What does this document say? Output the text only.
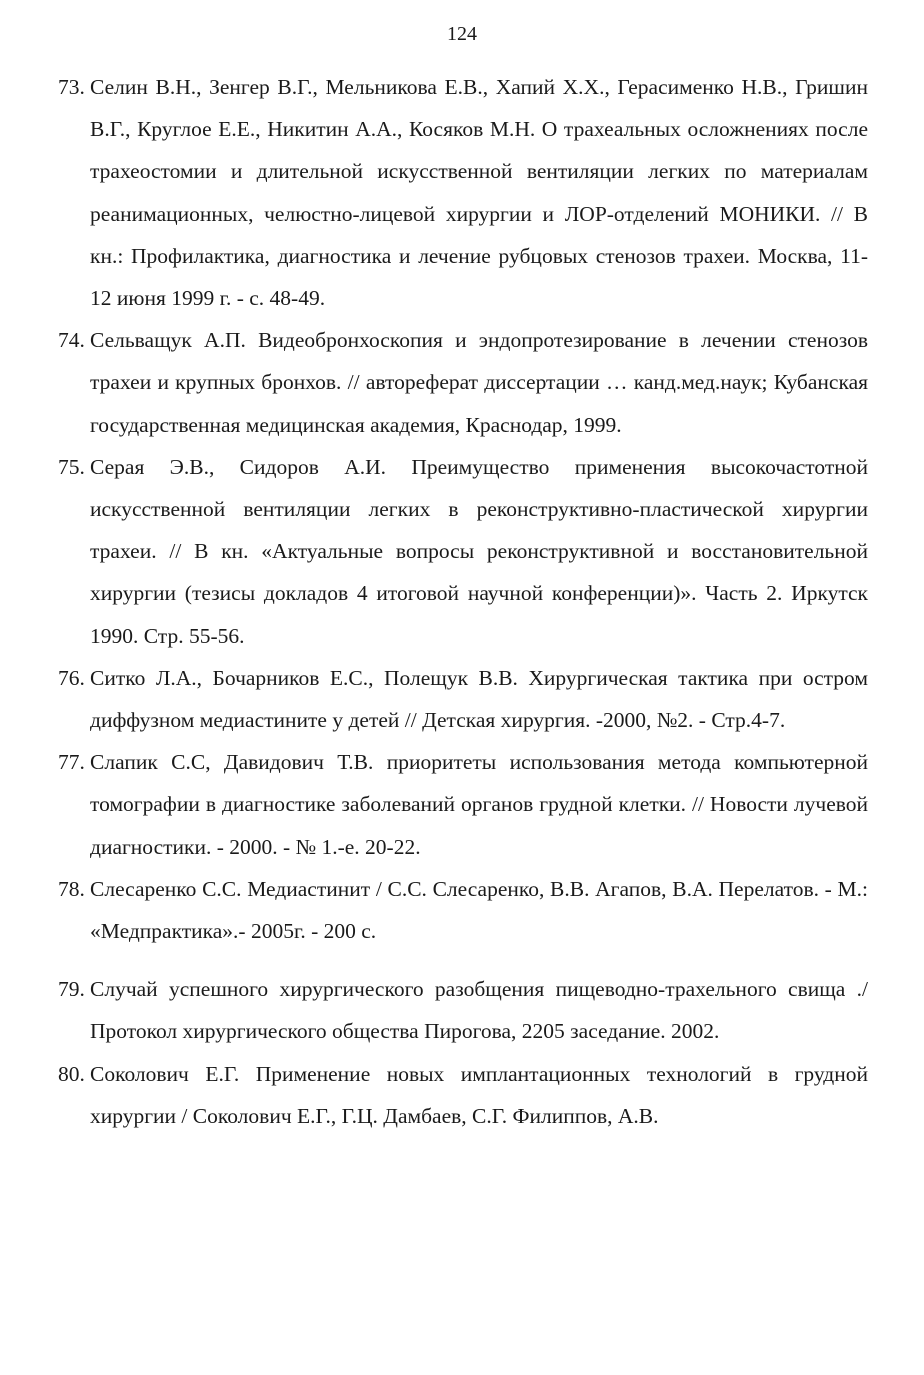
124
73. Селин В.Н., Зенгер В.Г., Мельникова Е.В., Хапий Х.Х., Герасименко Н.В., Гришин В.Г., Круглое Е.Е., Никитин А.А., Косяков М.Н. О трахеальных осложнениях после трахеостомии и длительной искусственной вентиляции легких по материалам реанимационных, челюстно-лицевой хирургии и ЛОР-отделений МОНИКИ. // В кн.: Профилактика, диагностика и лечение рубцовых стенозов трахеи. Москва, 11-12 июня 1999 г. - с. 48-49.
74. Сельващук А.П. Видеобронхоскопия и эндопротезирование в лечении стенозов трахеи и крупных бронхов. // автореферат диссертации … канд.мед.наук; Кубанская государственная медицинская академия, Краснодар, 1999.
75. Серая Э.В., Сидоров А.И. Преимущество применения высокочастотной искусственной вентиляции легких в реконструктивно-пластической хирургии трахеи. // В кн. «Актуальные вопросы реконструктивной и восстановительной хирургии (тезисы докладов 4 итоговой научной конференции)». Часть 2. Иркутск 1990. Стр. 55-56.
76. Ситко Л.А., Бочарников Е.С., Полещук В.В. Хирургическая тактика при остром диффузном медиастините у детей // Детская хирургия. -2000, №2. - Стр.4-7.
77. Слапик С.С, Давидович Т.В. приоритеты использования метода компьютерной томографии в диагностике заболеваний органов грудной клетки. // Новости лучевой диагностики. - 2000. - № 1.-е. 20-22.
78. Слесаренко С.С. Медиастинит / С.С. Слесаренко, В.В. Агапов, В.А. Перелатов. - М.: «Медпрактика».- 2005г. - 200 с.
79. Случай успешного хирургического разобщения пищеводно-трахельного свища ./ Протокол хирургического общества Пирогова, 2205 заседание. 2002.
80. Соколович Е.Г. Применение новых имплантационных технологий в грудной хирургии / Соколович Е.Г., Г.Ц. Дамбаев, С.Г. Филиппов, А.В.
